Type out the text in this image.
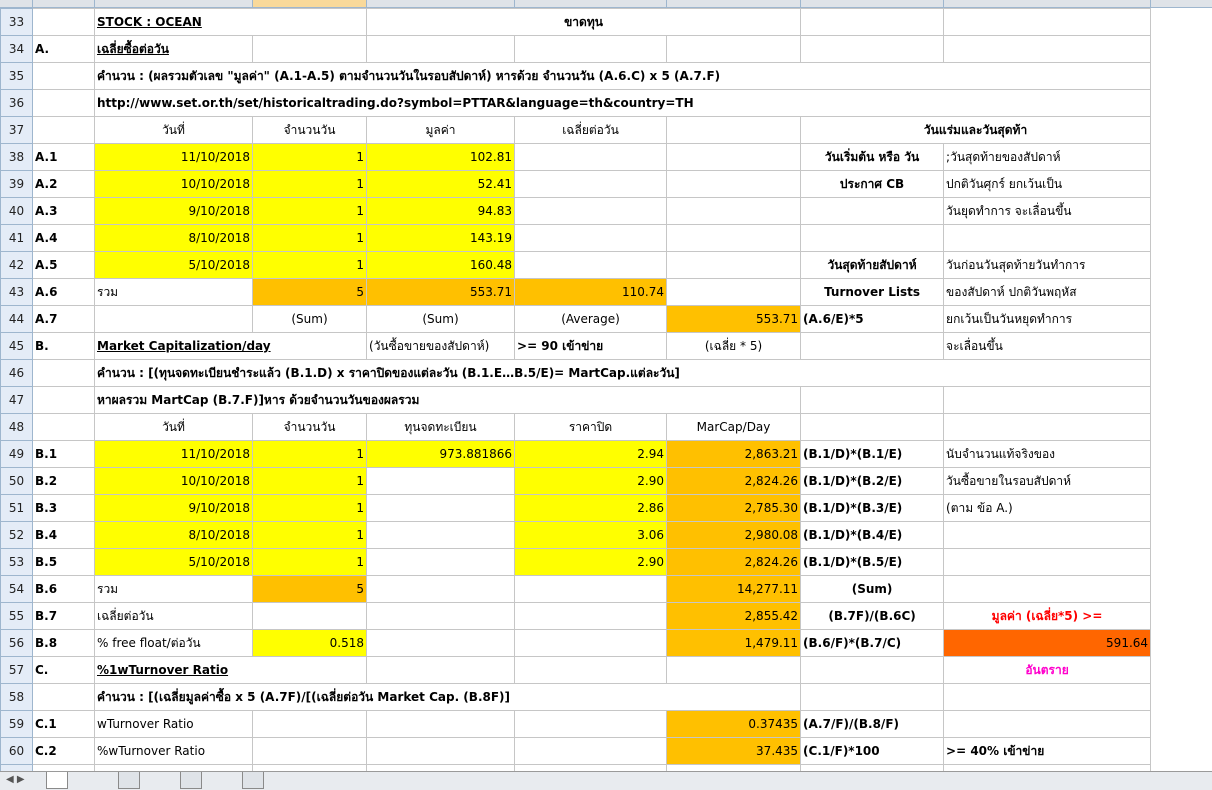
33		STOCK : OCEAN		ขาดทุน				
34	A.	เฉลี่ยซื้อต่อวัน						
35		คำนวน : (ผลรวมตัวเลข "มูลค่า" (A.1-A.5) ตามจำนวนวันในรอบสัปดาห์) หารด้วย จำนวนวัน (A.6.C) x 5 (A.7.F)						
36		http://www.set.or.th/set/historicaltrading.do?symbol=PTTAR&language=th&country=TH						
37		วันที่	จำนวนวัน	มูลค่า	เฉลี่ยต่อวัน		วันแร่มและวันสุดท้า	
38	A.1	11/10/2018	1	102.81			วันเริ่มต้น หรือ วัน	;วันสุดท้ายของสัปดาห์
39	A.2	10/10/2018	1	52.41			ประกาศ CB	ปกติวันศุกร์ ยกเว้นเป็น
40	A.3	9/10/2018	1	94.83				วันยุดทำการ จะเลื่อนขึ้น
41	A.4	8/10/2018	1	143.19				
42	A.5	5/10/2018	1	160.48			วันสุดท้ายสัปดาห์	วันก่อนวันสุดท้ายวันทำการ
43	A.6	รวม	5	553.71	110.74		Turnover Lists	ของสัปดาห์ ปกติวันพฤหัส
44	A.7		(Sum)	(Sum)	(Average)	553.71	(A.6/E)*5	ยกเว้นเป็นวันหยุดทำการ
45	B.	Market Capitalization/day		(วันซื้อขายของสัปดาห์)	>= 90 เข้าข่าย	(เฉลี่ย * 5)		จะเลื่อนขึ้น
46		คำนวน : [(ทุนจดทะเบียนชำระแล้ว (B.1.D) x ราคาปิดของแต่ละวัน (B.1.E…B.5/E)= MartCap.แต่ละวัน]						
47		หาผลรวม MartCap (B.7.F)]หาร ด้วยจำนวนวันของผลรวม						
48		วันที่	จำนวนวัน	ทุนจดทะเบียน	ราคาปิด	MarCap/Day		
49	B.1	11/10/2018	1	973.881866	2.94	2,863.21	(B.1/D)*(B.1/E)	นับจำนวนแท้จริงของ
50	B.2	10/10/2018	1		2.90	2,824.26	(B.1/D)*(B.2/E)	วันซื้อขายในรอบสัปดาห์
51	B.3	9/10/2018	1		2.86	2,785.30	(B.1/D)*(B.3/E)	(ตาม ข้อ A.)
52	B.4	8/10/2018	1		3.06	2,980.08	(B.1/D)*(B.4/E)	
53	B.5	5/10/2018	1		2.90	2,824.26	(B.1/D)*(B.5/E)	
54	B.6	รวม	5			14,277.11	(Sum)	
55	B.7	เฉลี่ยต่อวัน				2,855.42	(B.7F)/(B.6C)	มูลค่า (เฉลี่ย*5) >=
56	B.8	% free float/ต่อวัน	0.518			1,479.11	(B.6/F)*(B.7/C)	591.64
57	C.	%1wTurnover Ratio						อันตราย
58		คำนวน : [(เฉลี่ยมูลค่าซื้อ x 5 (A.7F)/[(เฉลี่ยต่อวัน Market Cap. (B.8F)]						
59	C.1	wTurnover Ratio				0.37435	(A.7/F)/(B.8/F)	
60	C.2	%wTurnover Ratio				37.435	(C.1/F)*100	>= 40% เข้าข่าย

◀ ▶
